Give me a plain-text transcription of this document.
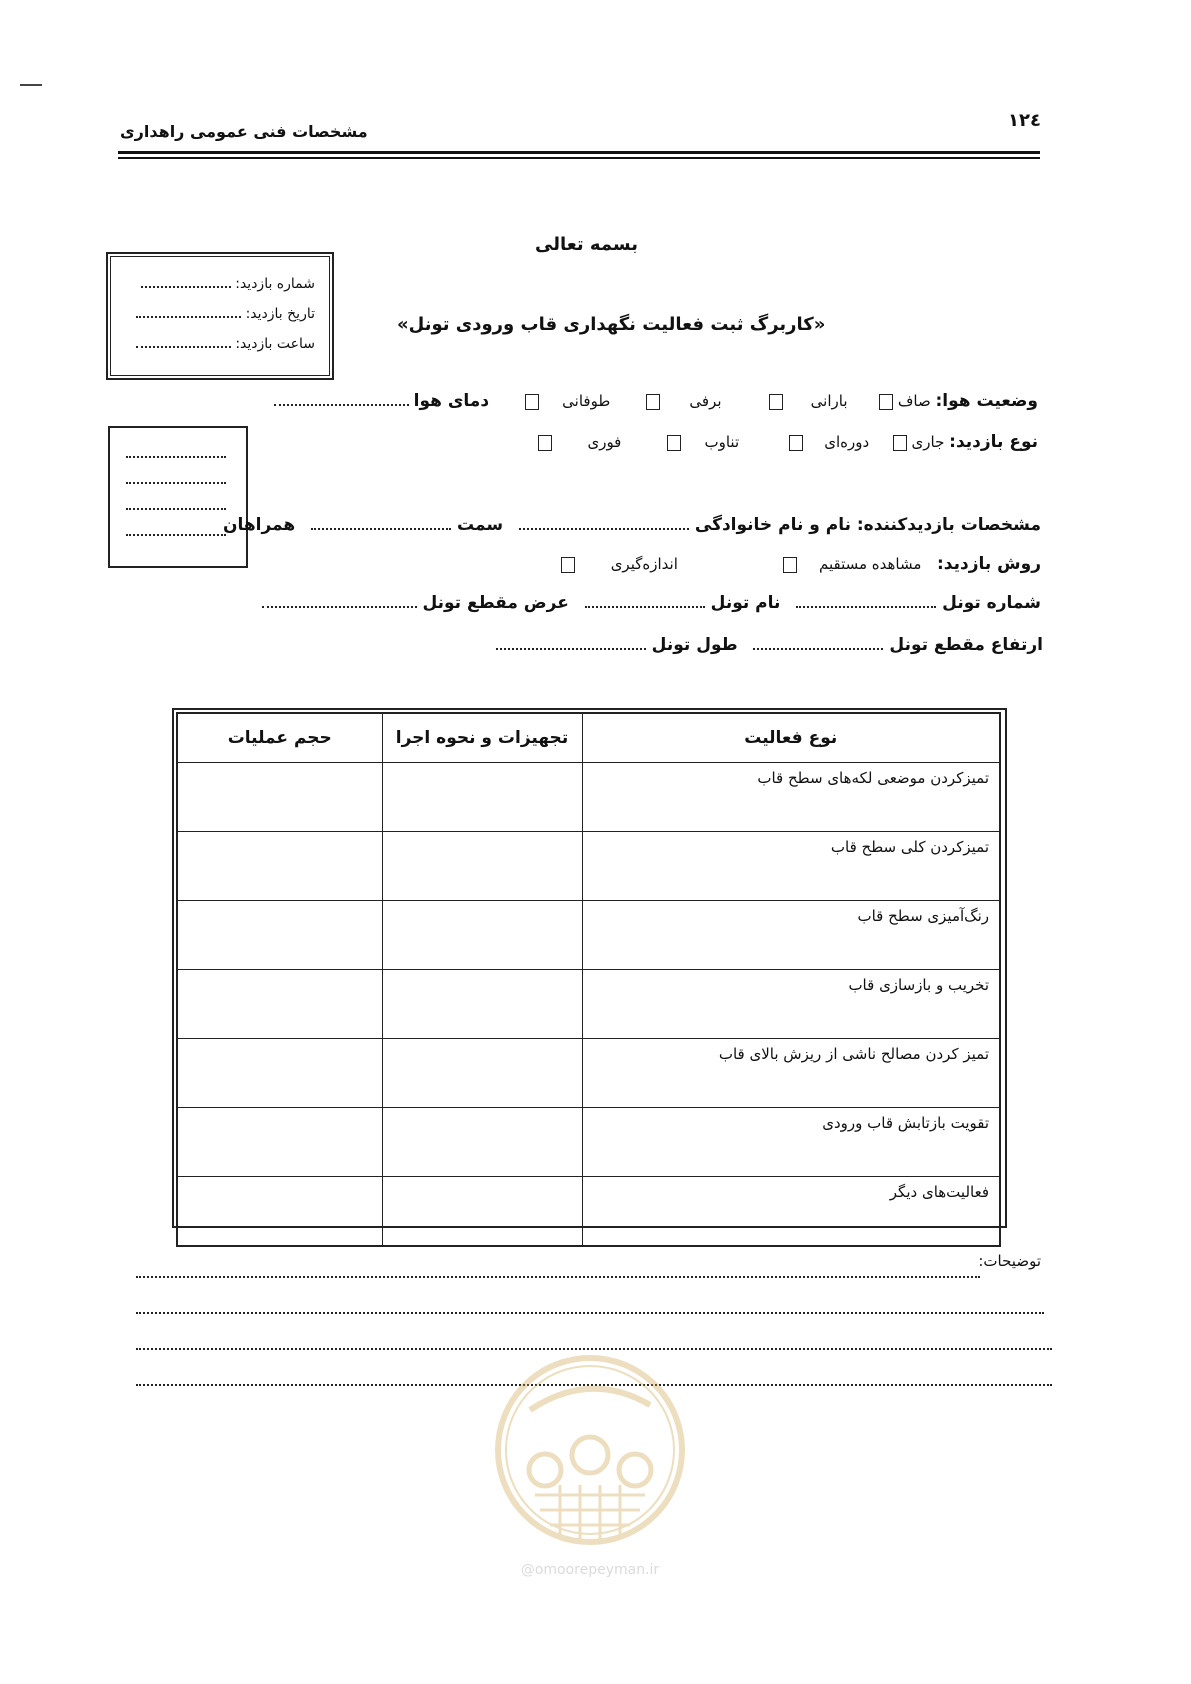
۱۲٤
مشخصات فنی عمومی راهداری
بسمه تعالی
«کاربرگ ثبت فعالیت نگهداری قاب ورودی تونل»
شماره بازدید:
تاریخ بازدید:
ساعت بازدید:
وضعیت هوا: صاف   بارانی    برفی    طوفانی    دمای هوا
نوع بازدید: جاری   دوره‌ای    تناوب    فوری
مشخصات بازدیدکننده: نام و نام خانوادگی   سمت   همراهان
روش بازدید:  مشاهده مستقیم    اندازه‌گیری
شماره تونل   نام تونل   عرض مقطع تونل
ارتفاع مقطع تونل   طول تونل
نوع فعالیت	تجهیزات و نحوه اجرا	حجم عملیات
تمیزکردن موضعی لکه‌های سطح قاب		
تمیزکردن کلی سطح قاب		
رنگ‌آمیزی سطح قاب		
تخریب و بازسازی قاب		
تمیز کردن مصالح ناشی از ریزش بالای قاب		
تقویت بازتابش قاب ورودی		
فعالیت‌های دیگر		
توضیحات:
@omoorepeyman.ir
